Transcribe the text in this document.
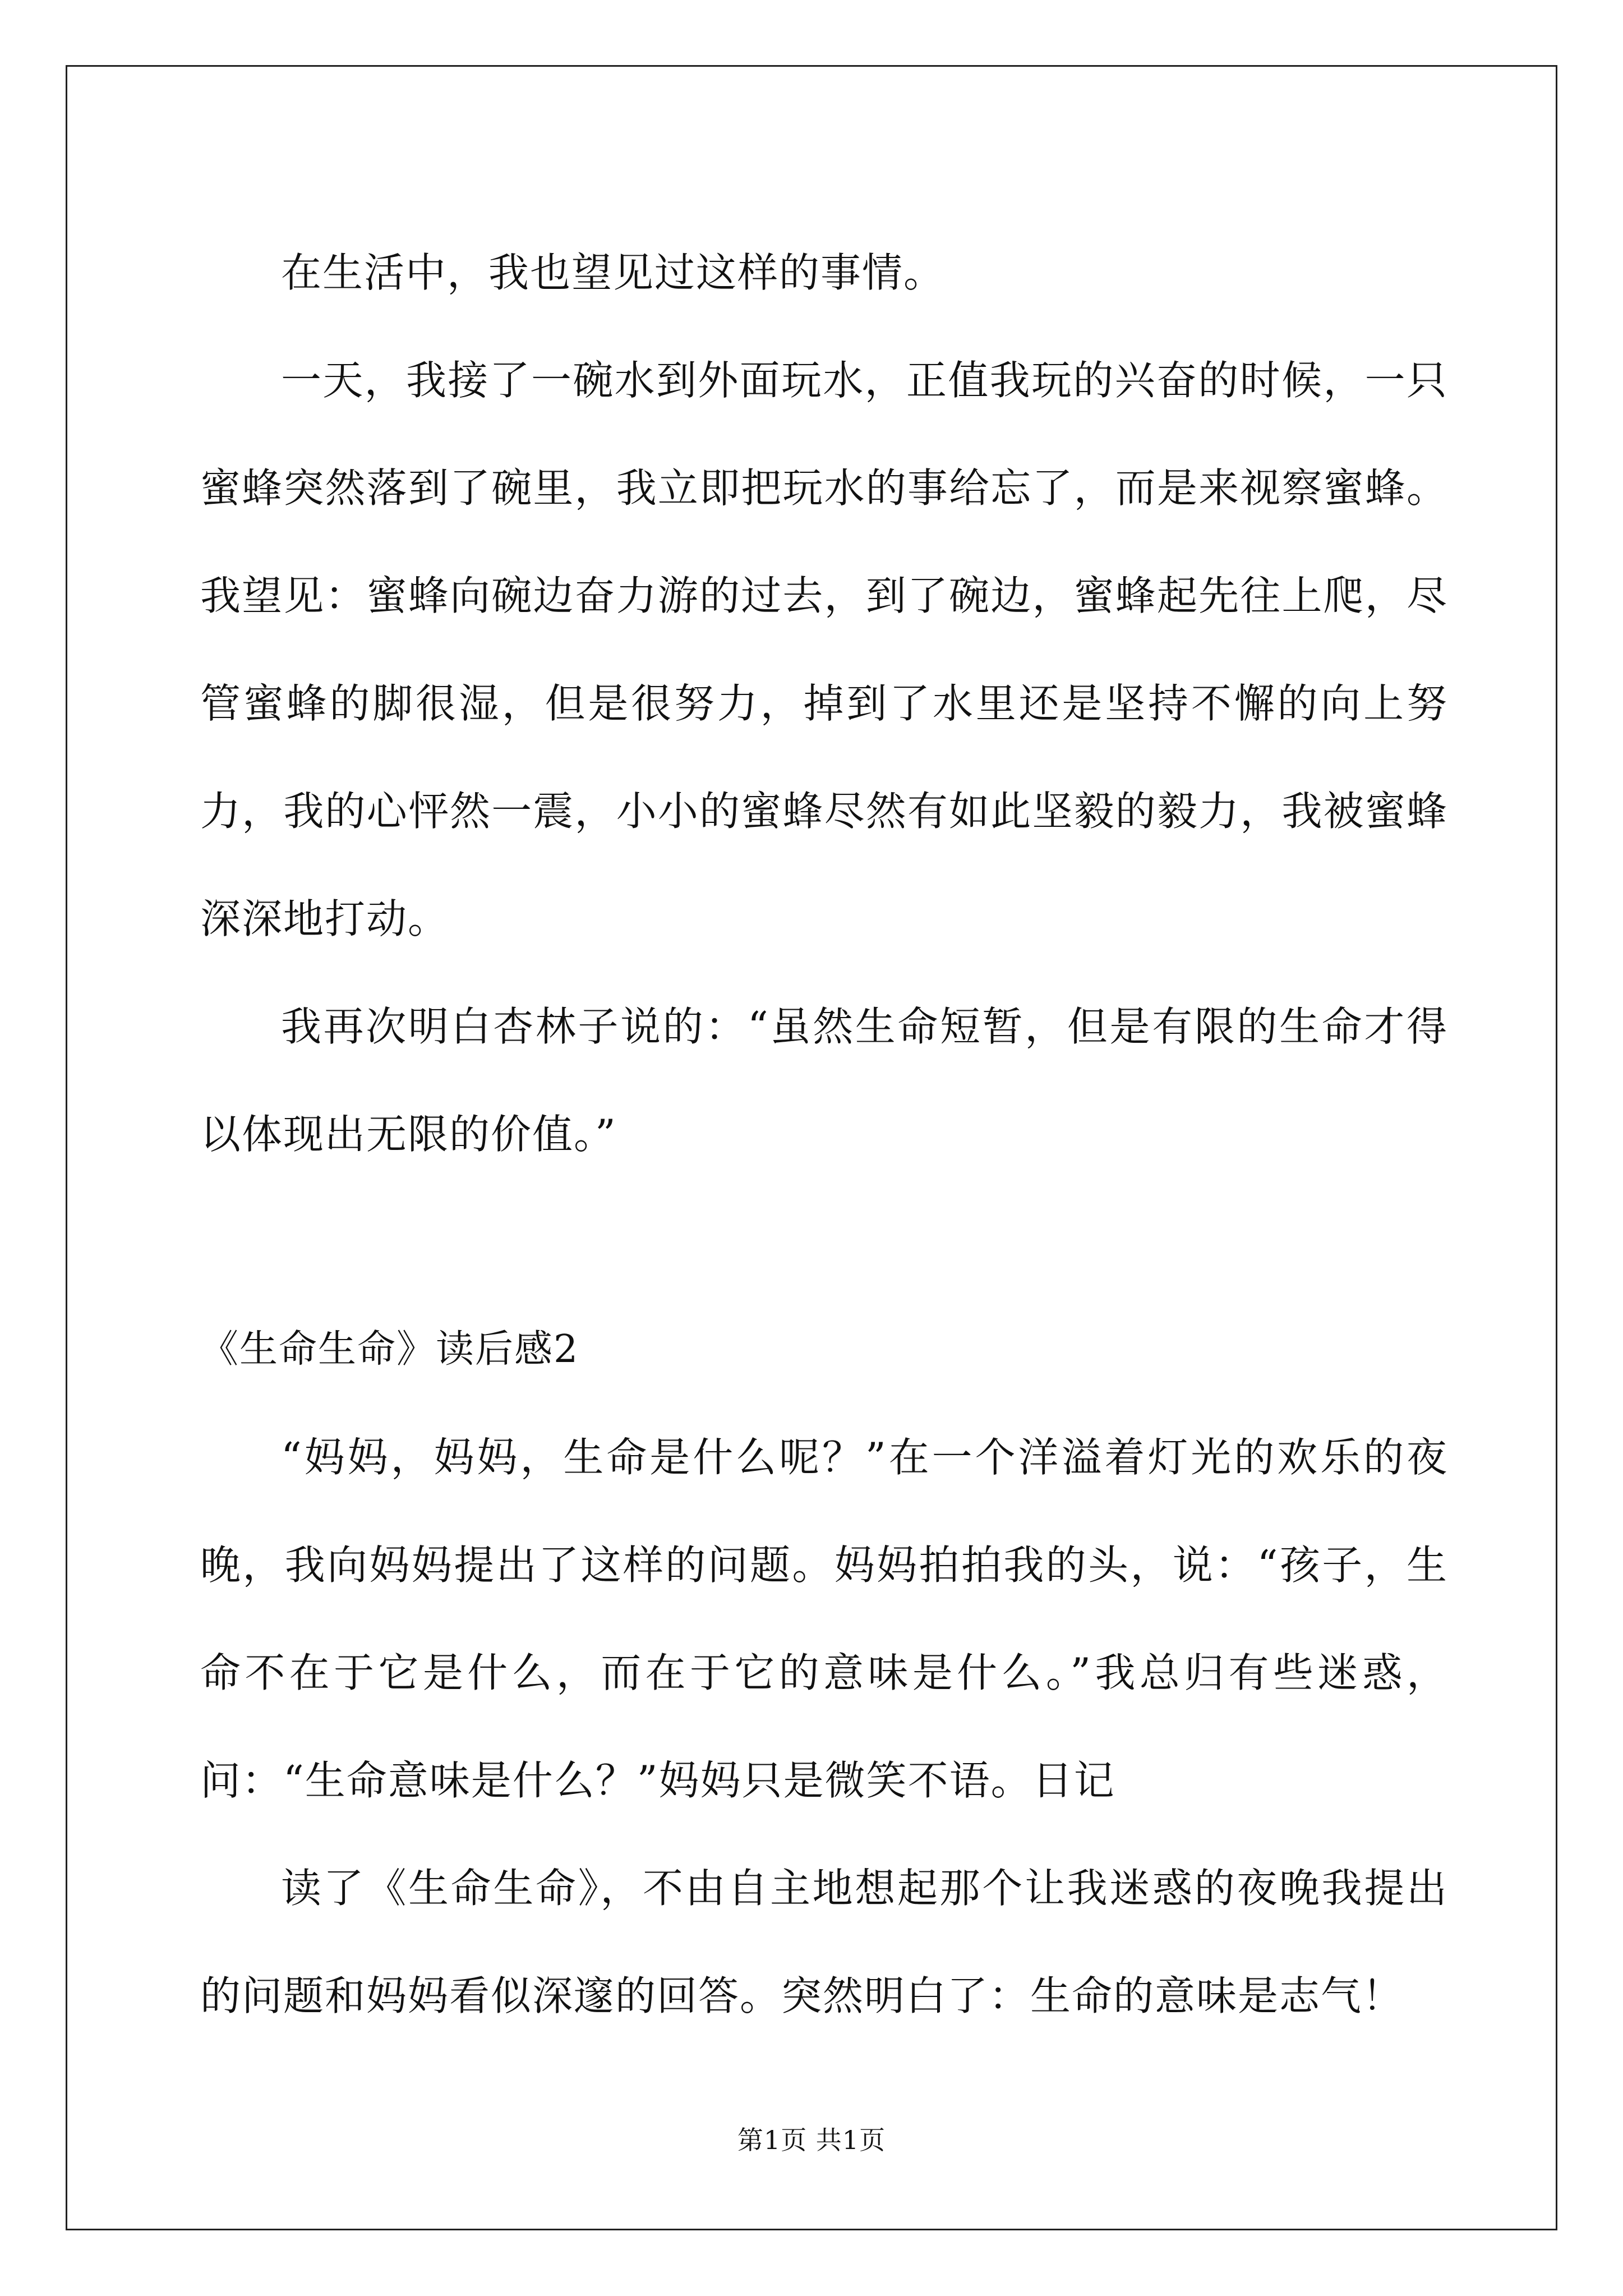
在生活中，我也望见过这样的事情。

一天，我接了一碗水到外面玩水，正值我玩的兴奋的时候，一只蜜蜂突然落到了碗里，我立即把玩水的事给忘了，而是来视察蜜蜂。我望见：蜜蜂向碗边奋力游的过去，到了碗边，蜜蜂起先往上爬，尽管蜜蜂的脚很湿，但是很努力，掉到了水里还是坚持不懈的向上努力，我的心怦然一震，小小的蜜蜂尽然有如此坚毅的毅力，我被蜜蜂深深地打动。

我再次明白杏林子说的：“虽然生命短暂，但是有限的生命才得以体现出无限的价值。”

《生命生命》读后感2

“妈妈，妈妈，生命是什么呢？”在一个洋溢着灯光的欢乐的夜晚，我向妈妈提出了这样的问题。妈妈拍拍我的头，说：“孩子，生命不在于它是什么，而在于它的意味是什么。”我总归有些迷惑，问：“生命意味是什么？”妈妈只是微笑不语。日记

读了《生命生命》，不由自主地想起那个让我迷惑的夜晚我提出的问题和妈妈看似深邃的回答。突然明白了：生命的意味是志气！

第1页 共1页
